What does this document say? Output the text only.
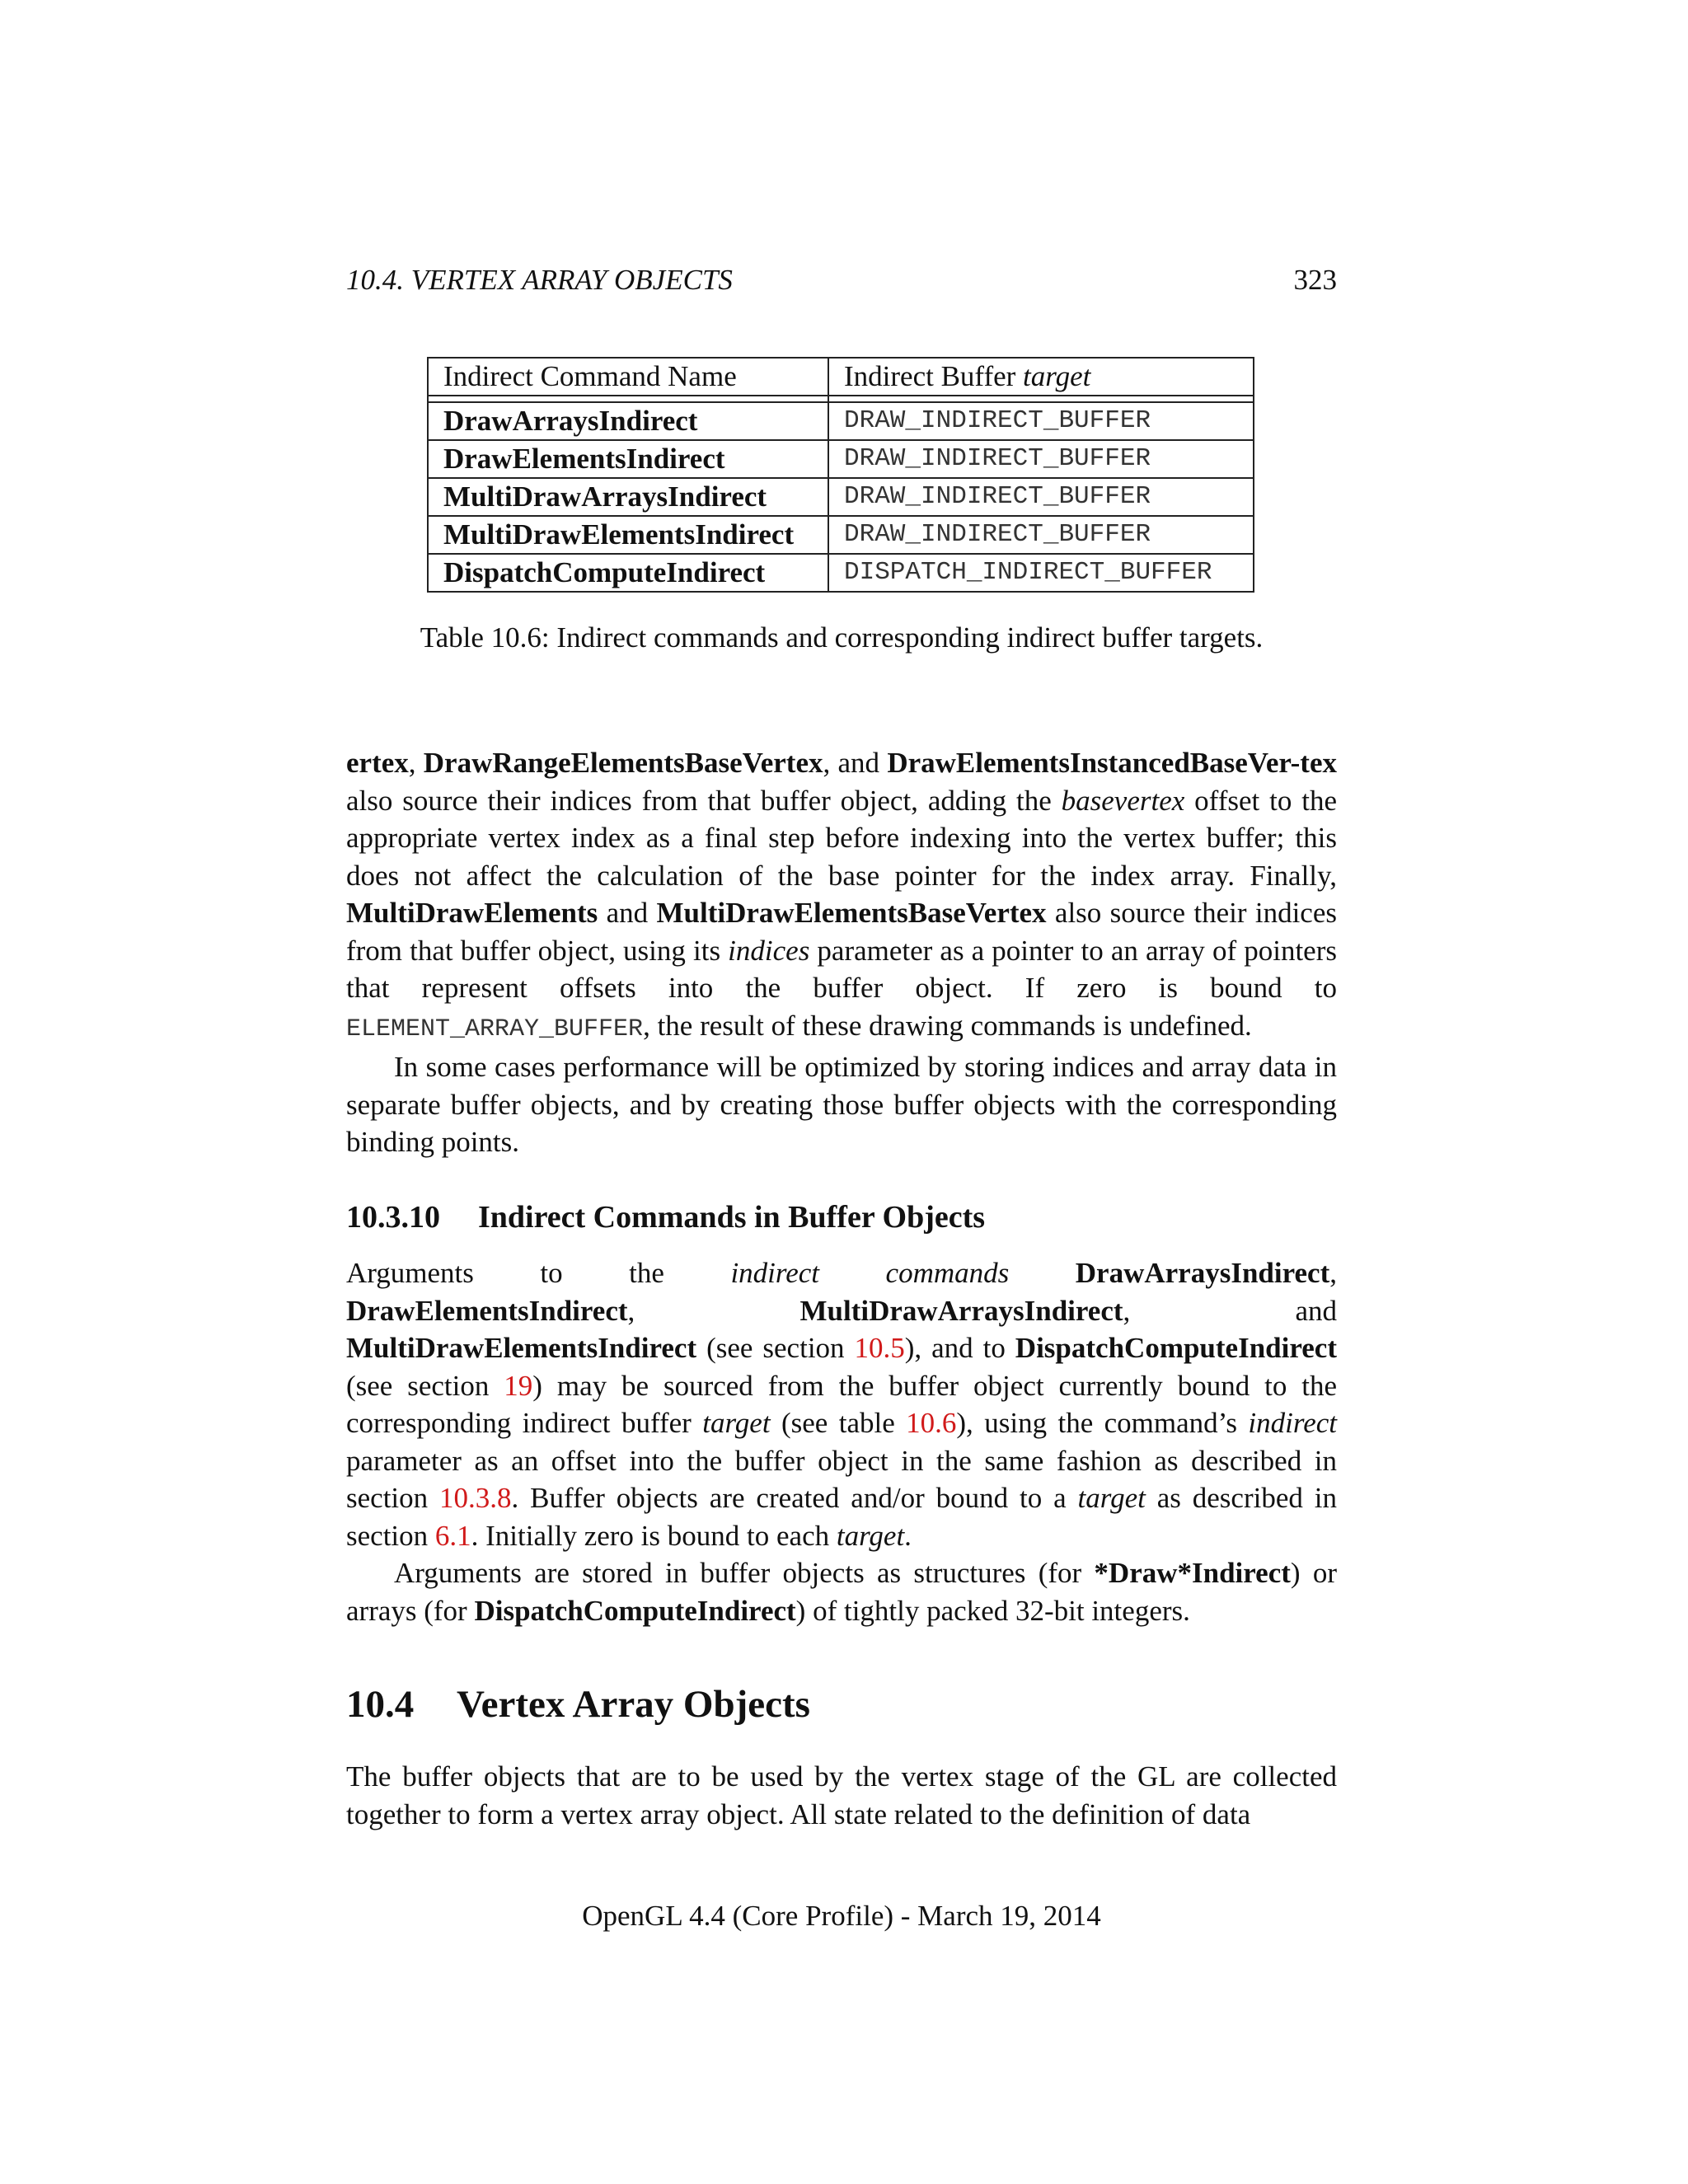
10.4. VERTEX ARRAY OBJECTS	323
Indirect Command Name	Indirect Buffer target

DrawArraysIndirect	DRAW_INDIRECT_BUFFER
DrawElementsIndirect	DRAW_INDIRECT_BUFFER
MultiDrawArraysIndirect	DRAW_INDIRECT_BUFFER
MultiDrawElementsIndirect	DRAW_INDIRECT_BUFFER
DispatchComputeIndirect	DISPATCH_INDIRECT_BUFFER
Table 10.6: Indirect commands and corresponding indirect buffer targets.

ertex, DrawRangeElementsBaseVertex, and DrawElementsInstancedBaseVer-tex also source their indices from that buffer object, adding the basevertex offset to the appropriate vertex index as a final step before indexing into the vertex buffer; this does not affect the calculation of the base pointer for the index array. Finally, MultiDrawElements and MultiDrawElementsBaseVertex also source their indices from that buffer object, using its indices parameter as a pointer to an array of pointers that represent offsets into the buffer object. If zero is bound to ELEMENT_ARRAY_BUFFER, the result of these drawing commands is undefined.

In some cases performance will be optimized by storing indices and array data in separate buffer objects, and by creating those buffer objects with the corresponding binding points.

10.3.10 Indirect Commands in Buffer Objects

Arguments to the indirect commands DrawArraysIndirect, DrawElementsIndirect, MultiDrawArraysIndirect, and MultiDrawElementsIndirect (see section 10.5), and to DispatchComputeIndirect (see section 19) may be sourced from the buffer object currently bound to the corresponding indirect buffer target (see table 10.6), using the command’s indirect parameter as an offset into the buffer object in the same fashion as described in section 10.3.8. Buffer objects are created and/or bound to a target as described in section 6.1. Initially zero is bound to each target.

Arguments are stored in buffer objects as structures (for *Draw*Indirect) or arrays (for DispatchComputeIndirect) of tightly packed 32-bit integers.

10.4 Vertex Array Objects

The buffer objects that are to be used by the vertex stage of the GL are collected together to form a vertex array object. All state related to the definition of data

OpenGL 4.4 (Core Profile) - March 19, 2014
